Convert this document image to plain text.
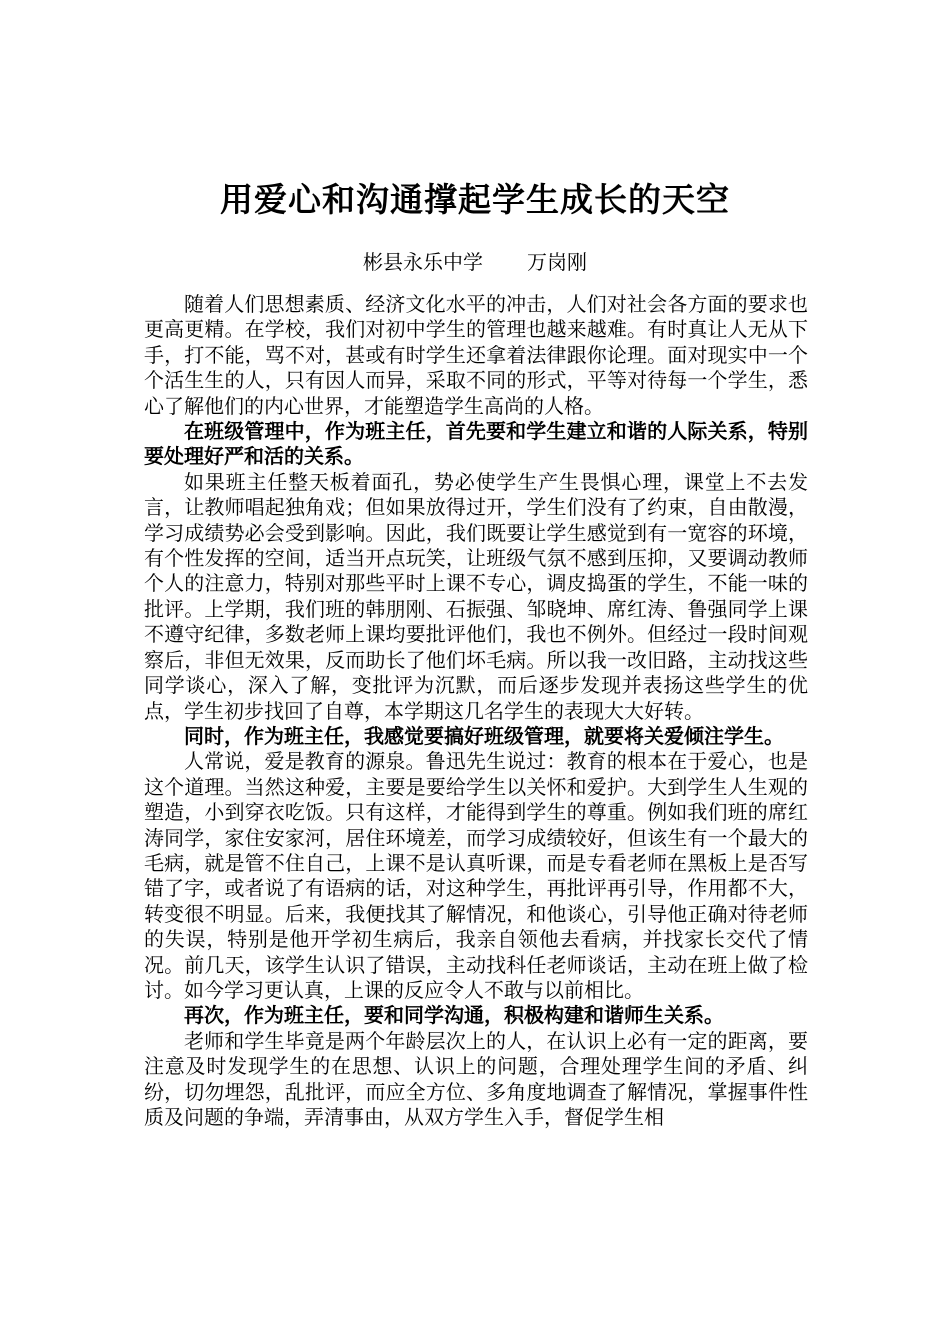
用爱心和沟通撑起学生成长的天空
彬县永乐中学 万岗刚

随着人们思想素质、经济文化水平的冲击，人们对社会各方面的要求也更高更精。在学校，我们对初中学生的管理也越来越难。有时真让人无从下手，打不能，骂不对，甚或有时学生还拿着法律跟你论理。面对现实中一个个活生生的人，只有因人而异，采取不同的形式，平等对待每一个学生，悉心了解他们的内心世界，才能塑造学生高尚的人格。

在班级管理中，作为班主任，首先要和学生建立和谐的人际关系，特别要处理好严和活的关系。

如果班主任整天板着面孔，势必使学生产生畏惧心理，课堂上不去发言，让教师唱起独角戏；但如果放得过开，学生们没有了约束，自由散漫，学习成绩势必会受到影响。因此，我们既要让学生感觉到有一宽容的环境，有个性发挥的空间，适当开点玩笑，让班级气氛不感到压抑，又要调动教师个人的注意力，特别对那些平时上课不专心，调皮捣蛋的学生，不能一味的批评。上学期，我们班的韩朋刚、石振强、邹晓坤、席红涛、鲁强同学上课不遵守纪律，多数老师上课均要批评他们，我也不例外。但经过一段时间观察后，非但无效果，反而助长了他们坏毛病。所以我一改旧路，主动找这些同学谈心，深入了解，变批评为沉默，而后逐步发现并表扬这些学生的优点，学生初步找回了自尊，本学期这几名学生的表现大大好转。

同时，作为班主任，我感觉要搞好班级管理，就要将关爱倾注学生。

人常说，爱是教育的源泉。鲁迅先生说过：教育的根本在于爱心，也是这个道理。当然这种爱，主要是要给学生以关怀和爱护。大到学生人生观的塑造，小到穿衣吃饭。只有这样，才能得到学生的尊重。例如我们班的席红涛同学，家住安家河，居住环境差，而学习成绩较好，但该生有一个最大的毛病，就是管不住自己，上课不是认真听课，而是专看老师在黑板上是否写错了字，或者说了有语病的话，对这种学生，再批评再引导，作用都不大，转变很不明显。后来，我便找其了解情况，和他谈心，引导他正确对待老师的失误，特别是他开学初生病后，我亲自领他去看病，并找家长交代了情况。前几天，该学生认识了错误，主动找科任老师谈话，主动在班上做了检讨。如今学习更认真，上课的反应令人不敢与以前相比。

再次，作为班主任，要和同学沟通，积极构建和谐师生关系。

老师和学生毕竟是两个年龄层次上的人，在认识上必有一定的距离，要注意及时发现学生的在思想、认识上的问题，合理处理学生间的矛盾、纠纷，切勿埋怨，乱批评，而应全方位、多角度地调查了解情况，掌握事件性质及问题的争端，弄清事由，从双方学生入手，督促学生相
